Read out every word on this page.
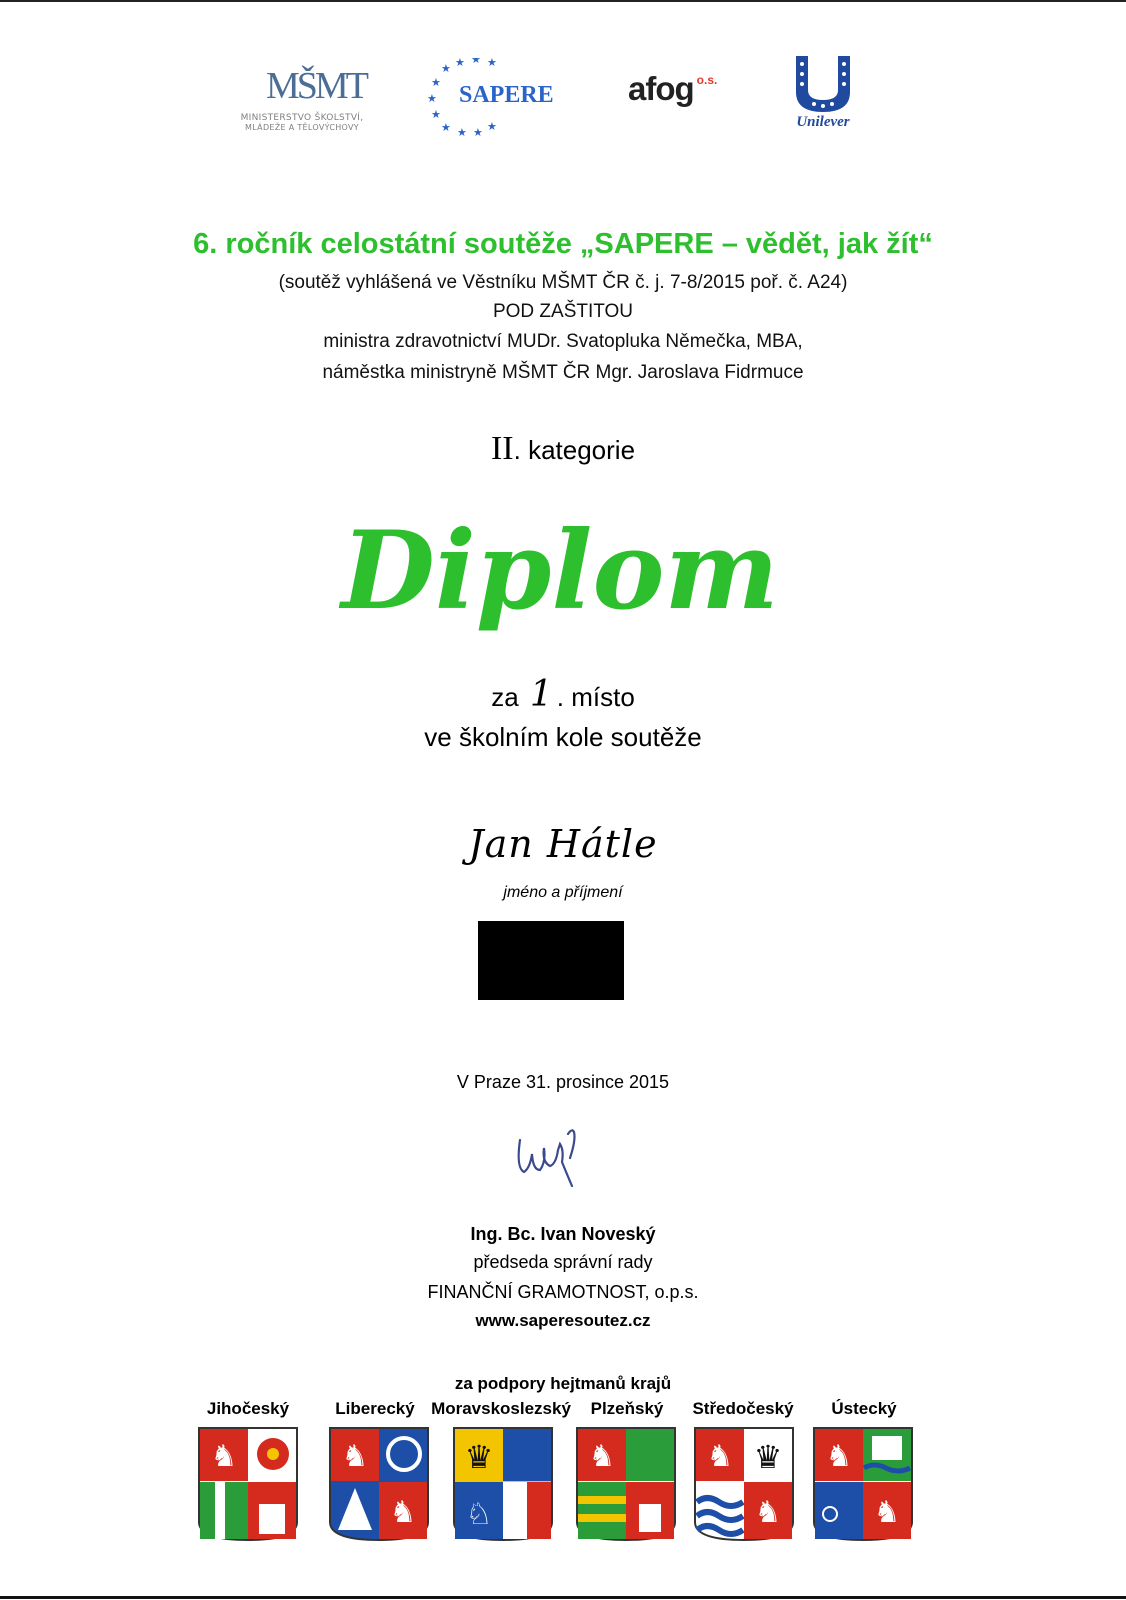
MŠMT
MINISTERSTVO ŠKOLSTVÍ,
MLÁDEŽE A TĚLOVÝCHOVY
★ ★ ★ ★
★
★
★
★ ★ ★ ★
SAPERE afog $^{o.s.}$
Unilever
6. ročník celostátní soutěže „SAPERE – vědět, jak žít“
(soutěž vyhlášená ve Věstníku MŠMT ČR č. j. 7-8/2015 poř. č. A24)
POD ZAŠTITOU
ministra zdravotnictví MUDr. Svatopluka Němečka, MBA,
náměstka ministryně MŠMT ČR Mgr. Jaroslava Fidrmuce
II. kategorie
Diplom
za 1 . místo
ve školním kole soutěže
Jan Hátle
jméno a příjmení
V Praze 31. prosince 2015
Ing. Bc. Ivan Noveský
předseda správní rady
FINANČNÍ GRAMOTNOST, o.p.s.
www.saperesoutez.cz
za podpory hejtmanů krajů
Jihočeský	Liberecký Moravskoslezský	Plzeňský	Středočeský	Ústecký
♞	♞
♞
♛
♘
♞	♞ ♛
♞
♞
♞
